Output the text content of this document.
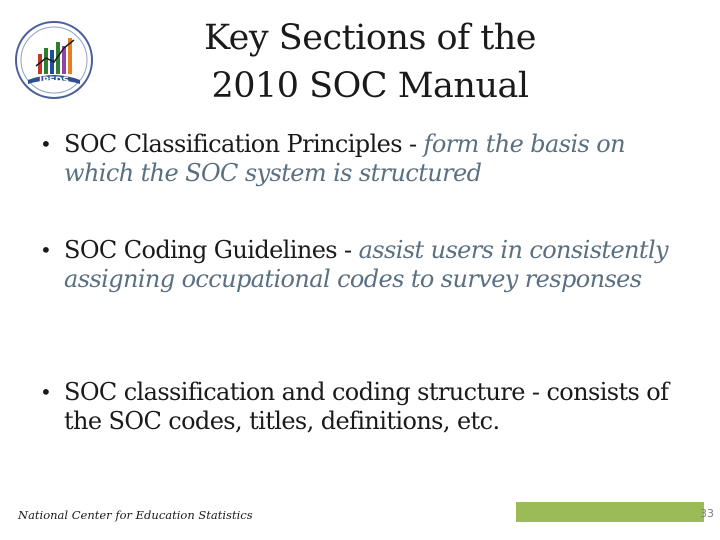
IPEDS
Key Sections of the
2010 SOC Manual
• SOC Classification Principles - form the basis on which the SOC system is structured
• SOC Coding Guidelines - assist users in consistently assigning occupational codes to survey responses
• SOC classification and coding structure - consists of the SOC codes, titles, definitions, etc.
National Center for Education Statistics	33
